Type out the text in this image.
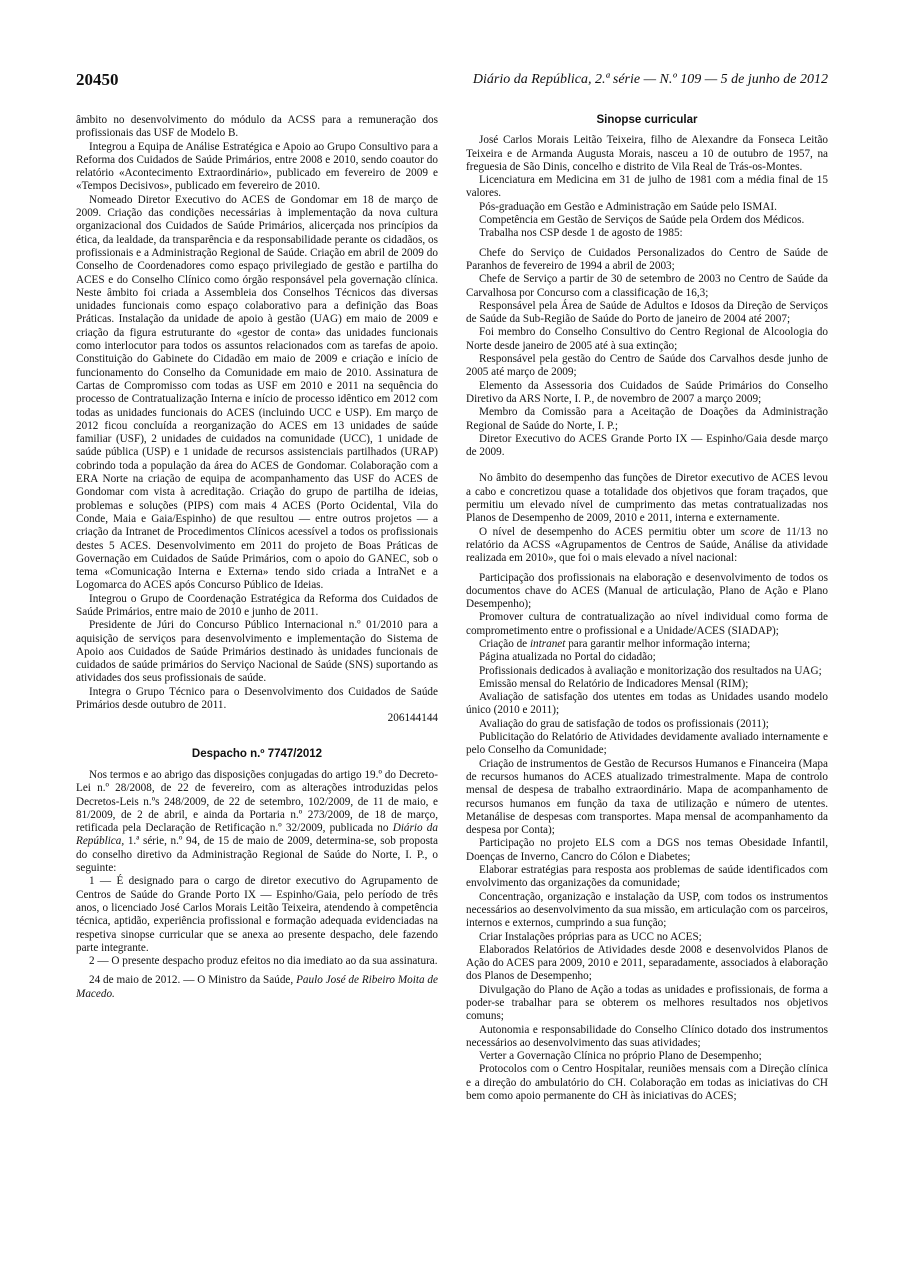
20450	Diário da República, 2.ª série — N.º 109 — 5 de junho de 2012

âmbito no desenvolvimento do módulo da ACSS para a remuneração dos profissionais das USF de Modelo B.

Integrou a Equipa de Análise Estratégica e Apoio ao Grupo Consultivo para a Reforma dos Cuidados de Saúde Primários, entre 2008 e 2010, sendo coautor do relatório «Acontecimento Extraordinário», publicado em fevereiro de 2009 e «Tempos Decisivos», publicado em fevereiro de 2010.

Nomeado Diretor Executivo do ACES de Gondomar em 18 de março de 2009. Criação das condições necessárias à implementação da nova cultura organizacional dos Cuidados de Saúde Primários, alicerçada nos princípios da ética, da lealdade, da transparência e da responsabilidade perante os cidadãos, os profissionais e a Administração Regional de Saúde. Criação em abril de 2009 do Conselho de Coordenadores como espaço privilegiado de gestão e partilha do ACES e do Conselho Clínico como órgão responsável pela governação clínica. Neste âmbito foi criada a Assembleia dos Conselhos Técnicos das diversas unidades funcionais como espaço colaborativo para a definição das Boas Práticas. Instalação da unidade de apoio à gestão (UAG) em maio de 2009 e criação da figura estruturante do «gestor de conta» das unidades funcionais como interlocutor para todos os assuntos relacionados com as tarefas de apoio. Constituição do Gabinete do Cidadão em maio de 2009 e criação e início de funcionamento do Conselho da Comunidade em maio de 2010. Assinatura de Cartas de Compromisso com todas as USF em 2010 e 2011 na sequência do processo de Contratualização Interna e início de processo idêntico em 2012 com todas as unidades funcionais do ACES (incluindo UCC e USP). Em março de 2012 ficou concluída a reorganização do ACES em 13 unidades de saúde familiar (USF), 2 unidades de cuidados na comunidade (UCC), 1 unidade de saúde pública (USP) e 1 unidade de recursos assistenciais partilhados (URAP) cobrindo toda a população da área do ACES de Gondomar. Colaboração com a ERA Norte na criação de equipa de acompanhamento das USF do ACES de Gondomar com vista à acreditação. Criação do grupo de partilha de ideias, problemas e soluções (PIPS) com mais 4 ACES (Porto Ocidental, Vila do Conde, Maia e Gaia/Espinho) de que resultou — entre outros projetos — a criação da Intranet de Procedimentos Clínicos acessível a todos os profissionais destes 5 ACES. Desenvolvimento em 2011 do projeto de Boas Práticas de Governação em Cuidados de Saúde Primários, com o apoio do GANEC, sob o tema «Comunicação Interna e Externa» tendo sido criada a IntraNet e a Logomarca do ACES após Concurso Público de Ideias.

Integrou o Grupo de Coordenação Estratégica da Reforma dos Cuidados de Saúde Primários, entre maio de 2010 e junho de 2011.

Presidente de Júri do Concurso Público Internacional n.º 01/2010 para a aquisição de serviços para desenvolvimento e implementação do Sistema de Apoio aos Cuidados de Saúde Primários destinado às unidades funcionais de cuidados de saúde primários do Serviço Nacional de Saúde (SNS) suportando as atividades dos seus profissionais de saúde.

Integra o Grupo Técnico para o Desenvolvimento dos Cuidados de Saúde Primários desde outubro de 2011.

206144144

Despacho n.º 7747/2012

Nos termos e ao abrigo das disposições conjugadas do artigo 19.º do Decreto-Lei n.º 28/2008, de 22 de fevereiro, com as alterações introduzidas pelos Decretos-Leis n.ºs 248/2009, de 22 de setembro, 102/2009, de 11 de maio, e 81/2009, de 2 de abril, e ainda da Portaria n.º 273/2009, de 18 de março, retificada pela Declaração de Retificação n.º 32/2009, publicada no Diário da República, 1.ª série, n.º 94, de 15 de maio de 2009, determina-se, sob proposta do conselho diretivo da Administração Regional de Saúde do Norte, I. P., o seguinte:

1 — É designado para o cargo de diretor executivo do Agrupamento de Centros de Saúde do Grande Porto IX — Espinho/Gaia, pelo período de três anos, o licenciado José Carlos Morais Leitão Teixeira, atendendo à competência técnica, aptidão, experiência profissional e formação adequada evidenciadas na respetiva sinopse curricular que se anexa ao presente despacho, dele fazendo parte integrante.

2 — O presente despacho produz efeitos no dia imediato ao da sua assinatura.

24 de maio de 2012. — O Ministro da Saúde, Paulo José de Ribeiro Moita de Macedo.

Sinopse curricular

José Carlos Morais Leitão Teixeira, filho de Alexandre da Fonseca Leitão Teixeira e de Armanda Augusta Morais, nasceu a 10 de outubro de 1957, na freguesia de São Dinis, concelho e distrito de Vila Real de Trás-os-Montes.

Licenciatura em Medicina em 31 de julho de 1981 com a média final de 15 valores.

Pós-graduação em Gestão e Administração em Saúde pelo ISMAI.

Competência em Gestão de Serviços de Saúde pela Ordem dos Médicos.

Trabalha nos CSP desde 1 de agosto de 1985:

Chefe do Serviço de Cuidados Personalizados do Centro de Saúde de Paranhos de fevereiro de 1994 a abril de 2003;

Chefe de Serviço a partir de 30 de setembro de 2003 no Centro de Saúde da Carvalhosa por Concurso com a classificação de 16,3;

Responsável pela Área de Saúde de Adultos e Idosos da Direção de Serviços de Saúde da Sub-Região de Saúde do Porto de janeiro de 2004 até 2007;

Foi membro do Conselho Consultivo do Centro Regional de Alcoologia do Norte desde janeiro de 2005 até à sua extinção;

Responsável pela gestão do Centro de Saúde dos Carvalhos desde junho de 2005 até março de 2009;

Elemento da Assessoria dos Cuidados de Saúde Primários do Conselho Diretivo da ARS Norte, I. P., de novembro de 2007 a março 2009;

Membro da Comissão para a Aceitação de Doações da Administração Regional de Saúde do Norte, I. P.;

Diretor Executivo do ACES Grande Porto IX — Espinho/Gaia desde março de 2009.

No âmbito do desempenho das funções de Diretor executivo de ACES levou a cabo e concretizou quase a totalidade dos objetivos que foram traçados, que permitiu um elevado nível de cumprimento das metas contratualizadas nos Planos de Desempenho de 2009, 2010 e 2011, interna e externamente.

O nível de desempenho do ACES permitiu obter um score de 11/13 no relatório da ACSS «Agrupamentos de Centros de Saúde, Análise da atividade realizada em 2010», que foi o mais elevado a nível nacional:

Participação dos profissionais na elaboração e desenvolvimento de todos os documentos chave do ACES (Manual de articulação, Plano de Ação e Plano Desempenho);

Promover cultura de contratualização ao nível individual como forma de comprometimento entre o profissional e a Unidade/ACES (SIADAP);

Criação de intranet para garantir melhor informação interna;

Página atualizada no Portal do cidadão;

Profissionais dedicados à avaliação e monitorização dos resultados na UAG;

Emissão mensal do Relatório de Indicadores Mensal (RIM);

Avaliação de satisfação dos utentes em todas as Unidades usando modelo único (2010 e 2011);

Avaliação do grau de satisfação de todos os profissionais (2011);

Publicitação do Relatório de Atividades devidamente avaliado internamente e pelo Conselho da Comunidade;

Criação de instrumentos de Gestão de Recursos Humanos e Financeira (Mapa de recursos humanos do ACES atualizado trimestralmente. Mapa de controlo mensal de despesa de trabalho extraordinário. Mapa de acompanhamento de recursos humanos em função da taxa de utilização e número de utentes. Metanálise de despesas com transportes. Mapa mensal de acompanhamento da despesa por Conta);

Participação no projeto ELS com a DGS nos temas Obesidade Infantil, Doenças de Inverno, Cancro do Cólon e Diabetes;

Elaborar estratégias para resposta aos problemas de saúde identificados com envolvimento das organizações da comunidade;

Concentração, organização e instalação da USP, com todos os instrumentos necessários ao desenvolvimento da sua missão, em articulação com os parceiros, internos e externos, cumprindo a sua função;

Criar Instalações próprias para as UCC no ACES;

Elaborados Relatórios de Atividades desde 2008 e desenvolvidos Planos de Ação do ACES para 2009, 2010 e 2011, separadamente, associados à elaboração dos Planos de Desempenho;

Divulgação do Plano de Ação a todas as unidades e profissionais, de forma a poder-se trabalhar para se obterem os melhores resultados nos objetivos comuns;

Autonomia e responsabilidade do Conselho Clínico dotado dos instrumentos necessários ao desenvolvimento das suas atividades;

Verter a Governação Clínica no próprio Plano de Desempenho;

Protocolos com o Centro Hospitalar, reuniões mensais com a Direção clínica e a direção do ambulatório do CH. Colaboração em todas as iniciativas do CH bem como apoio permanente do CH às iniciativas do ACES;
